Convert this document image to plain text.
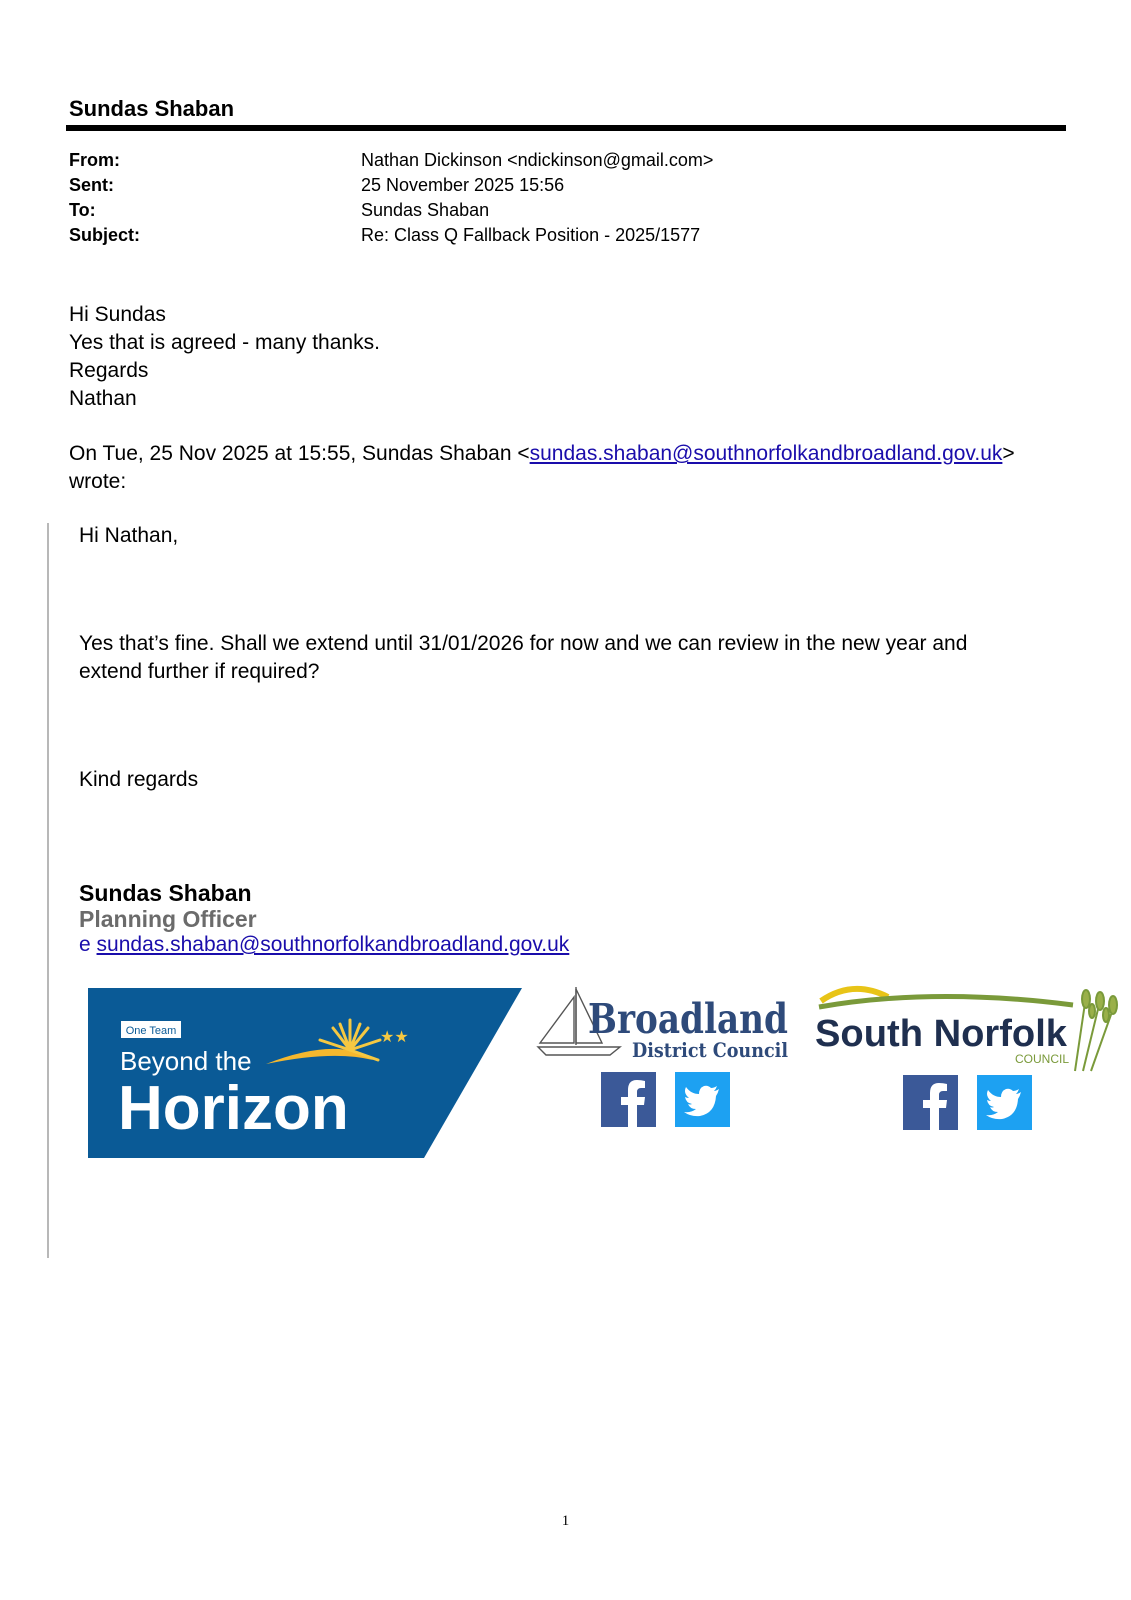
Sundas Shaban
From:	Nathan Dickinson <ndickinson@gmail.com>
Sent:	25 November 2025 15:56
To:	Sundas Shaban
Subject:	Re: Class Q Fallback Position - 2025/1577
Hi Sundas
Yes that is agreed - many thanks.
Regards
Nathan
On Tue, 25 Nov 2025 at 15:55, Sundas Shaban <sundas.shaban@southnorfolkandbroadland.gov.uk>
wrote:
Hi Nathan,
Yes that’s fine. Shall we extend until 31/01/2026 for now and we can review in the new year and
extend further if required?
Kind regards
Sundas Shaban
Planning Officer
e sundas.shaban@southnorfolkandbroadland.gov.uk
One Team
Beyond the
Horizon
★★	Broadland
District Council South Norfolk
COUNCIL
1
